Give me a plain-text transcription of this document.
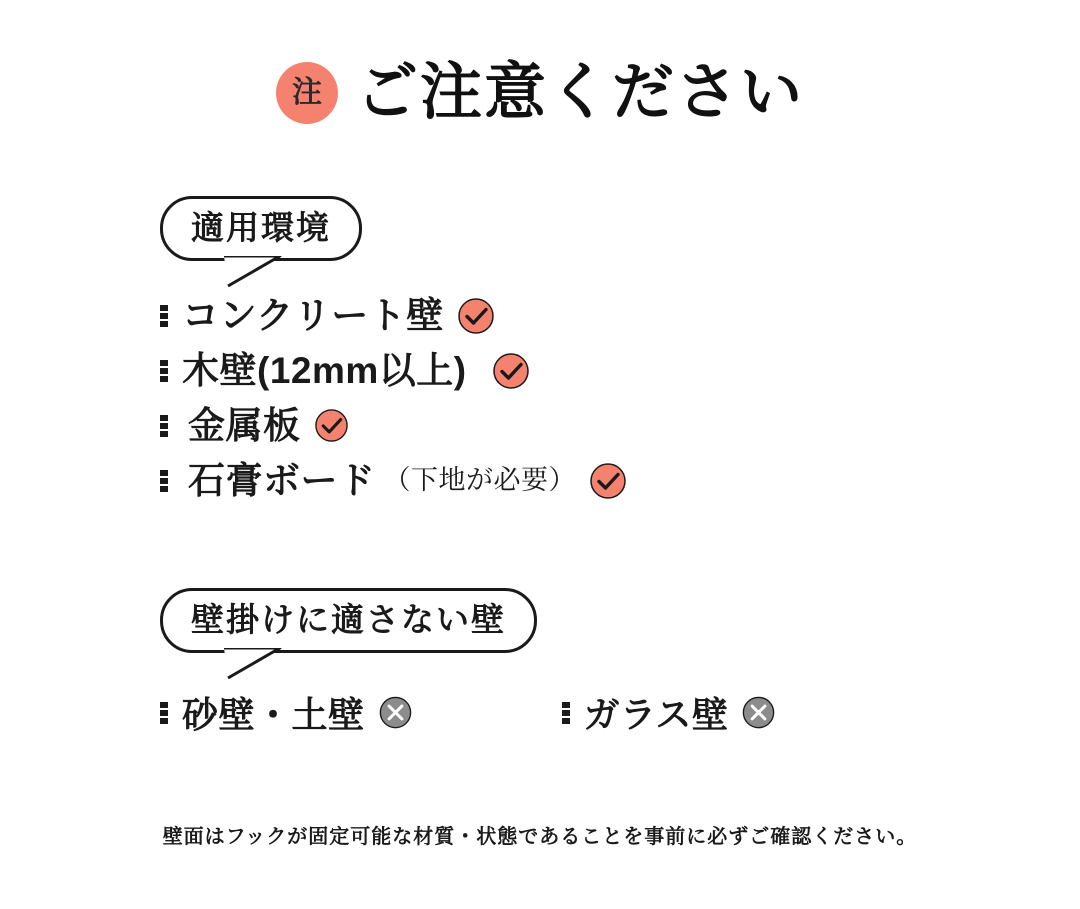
注 ご注意ください
適用環境
コンクリート壁
木壁(12mm以上)
金属板
石膏ボード （下地が必要）
壁掛けに適さない壁
砂壁・土壁	ガラス壁
壁面はフックが固定可能な材質・状態であることを事前に必ずご確認ください。
